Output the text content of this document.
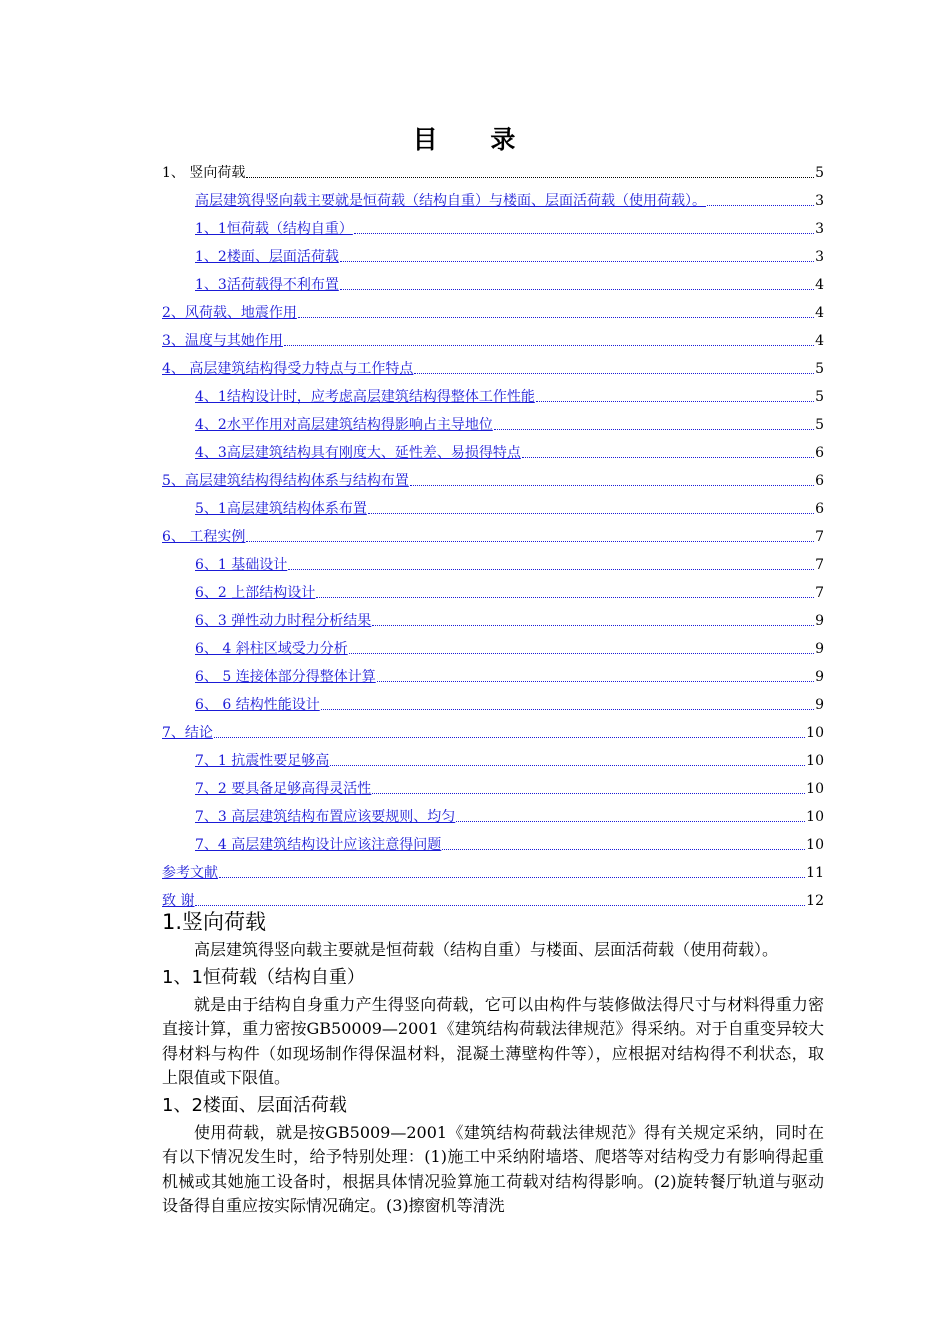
目 录
1、 竖向荷载	5
高层建筑得竖向载主要就是恒荷载（结构自重）与楼面、层面活荷载（使用荷载）。	3
1、1恒荷载（结构自重）	3
1、2楼面、层面活荷载	3
1、3活荷载得不利布置	4
2、风荷载、地震作用	4
3、温度与其她作用	4
4、 高层建筑结构得受力特点与工作特点	5
4、1结构设计时，应考虑高层建筑结构得整体工作性能	5
4、2水平作用对高层建筑结构得影响占主导地位	5
4、3高层建筑结构具有刚度大、延性差、易损得特点	6
5、高层建筑结构得结构体系与结构布置	6
5、1高层建筑结构体系布置	6
6、 工程实例	7
6、1 基础设计	7
6、2 上部结构设计	7
6、3 弹性动力时程分析结果	9
6、 4 斜柱区域受力分析	9
6、 5 连接体部分得整体计算	9
6、 6 结构性能设计	9
7、结论	10
7、1 抗震性要足够高	10
7、2 要具备足够高得灵活性	10
7、3 高层建筑结构布置应该要规则、均匀	10
7、4 高层建筑结构设计应该注意得问题	10
参考文献	11
致 谢	12
1.竖向荷载

高层建筑得竖向载主要就是恒荷载（结构自重）与楼面、层面活荷载（使用荷载）。

1、1恒荷载（结构自重）

就是由于结构自身重力产生得竖向荷载，它可以由构件与装修做法得尺寸与材料得重力密直接计算，重力密按GB50009—2001《建筑结构荷载法律规范》得采纳。对于自重变异较大得材料与构件（如现场制作得保温材料，混凝土薄壁构件等），应根据对结构得不利状态，取上限值或下限值。

1、2楼面、层面活荷载

使用荷载，就是按GB5009—2001《建筑结构荷载法律规范》得有关规定采纳，同时在有以下情况发生时，给予特别处理：(1)施工中采纳附墙塔、爬塔等对结构受力有影响得起重机械或其她施工设备时，根据具体情况验算施工荷载对结构得影响。(2)旋转餐厅轨道与驱动设备得自重应按实际情况确定。(3)擦窗机等清洗
